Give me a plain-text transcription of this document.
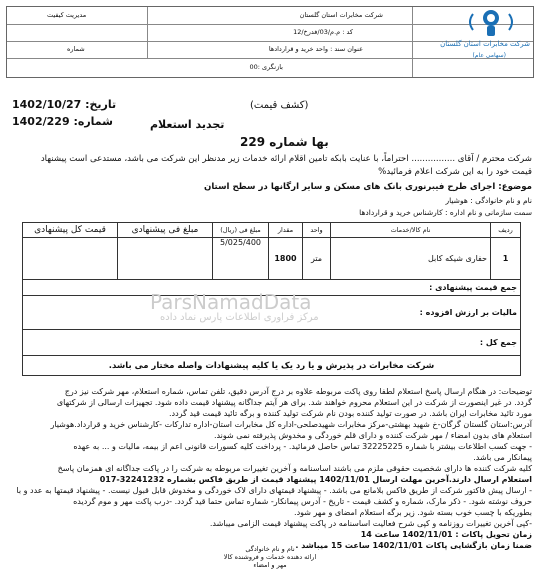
شرکت مخابرات استان گلستان
مدیریت کیفیت
کد : م.م/03/فدرخ/12
عنوان سند : واحد خرید و قراردادها
شماره
بازنگری :00
شرکت مخابرات استان گلستان
(سهامی عام)
تاریخ: 1402/10/27
شماره: 1402/229	تجدید استعلام
(کشف قیمت)
بها شماره 229
شرکت محترم / آقای ................ احتراماً، با عنایت بابکه تامین اقلام ارائه خدمات زیر مدنظر این شرکت می باشد، مستدعی است پیشنهاد
قیمت خود را به این شرکت اعلام فرمائید%
موضوع: اجرای طرح فیبرنوری بانک های مسکن و سایر ارگانها در سطح استان
نام و نام خانوادگی : هوشیار
سمت سازمانی و نام اداره : کارشناس خرید و قراردادها
ردیف	نام کالا/خدمات	واحد	مقدار	مبلغ فی (ریال)	مبلغ فی پیشنهادی	قیمت کل پیشنهادی
1	حفاری شیکه کابل	متر	1800	5/025/400		
جمع قیمت پیشنهادی :						
مالیات بر ارزش افزوده :						
جمع کل :						
شرکت مخابرات در پذیرش و یا رد یک یا کلیه پیشنهادات واصله مختار می باشد.						
ParsNamadData
مرکز فراوری اطلاعات پارس نماد داده
توضیحات: در هنگام ارسال پاسخ استعلام لطفا روی پاکت مربوطه علاوه بر درج آدرس دقیق، تلفن تماس، شماره استعلام، مهر شرکت نیز درج
گردد. در غیر اینصورت از شرکت در این استعلام محروم خواهند شد. برای هر آیتم جداگانه پیشنهاد قیمت داده شود. تجهیزات ارسالی از شرکتهای
مورد تائید مخابرات ایران باشد. در صورت تولید کننده بودن نام شرکت تولید کننده و برگه تائید قیمت قید گردد.
آدرس:استان گلستان گرگان-خ شهید بهشتی-مرکز مخابرات شهیدصلحی-اداره کل مخابرات استان-اداره تدارکات -کارشناس خرید و قرارداد.هوشیار
استعلام های بدون امضاء / مهر شرکت کننده و دارای قلم خوردگی و مخدوش پذیرفته نمی شوند.
- جهت کسب اطلاعات بیشتر با شماره 32225225 تماس حاصل فرمائید. - پرداخت کلیه کسورات قانونی اعم از بیمه، مالیات و ... به عهده
پیمانکار می باشد.
کلیه شرکت کننده ها دارای شخصیت حقوقی ملزم می باشند اساسنامه و آخرین تغییرات مربوطه به شرکت را در پاکت جداگانه ای همزمان پاسخ
استعلام ارسال دارند.آخرین مهلت ارسال 1402/11/01 پیشنهاد قیمت از طریق فاکس بشماره 32241232-017
- ارسال پیش فاکتور شرکت از طریق فاکس بلامانع می باشد. - پیشنهاد قیمتهای دارای لاک خوردگی و مخدوش قابل قبول نیست. - پیشنهاد قیمتها به عدد و با
حروف نوشته شود. - ذکر مارک، شماره و کشف قیمت - تاریخ - آدرس پیمانکار- شماره تماس حتما قید گردد. -درب پاکت مهر و موم گردیده
بطوریکه با چسب خوب بسته شود. زیر برگه استعلام امضای و مهر شود.
-کپی آخرین تغییرات روزنامه و کپی شرح فعالیت اساسنامه در پاکت پیشنهاد قیمت الزامی میباشد.
زمان تحویل پاکات : 1402/11/01 ساعت 14
ضمنا زمان بازگشایی پاکات 1402/11/01 ساعت 15 میباشد .
نام و نام خانوادگی
ارائه دهنده خدمات و فروشنده کالا
مهر و امضاء
